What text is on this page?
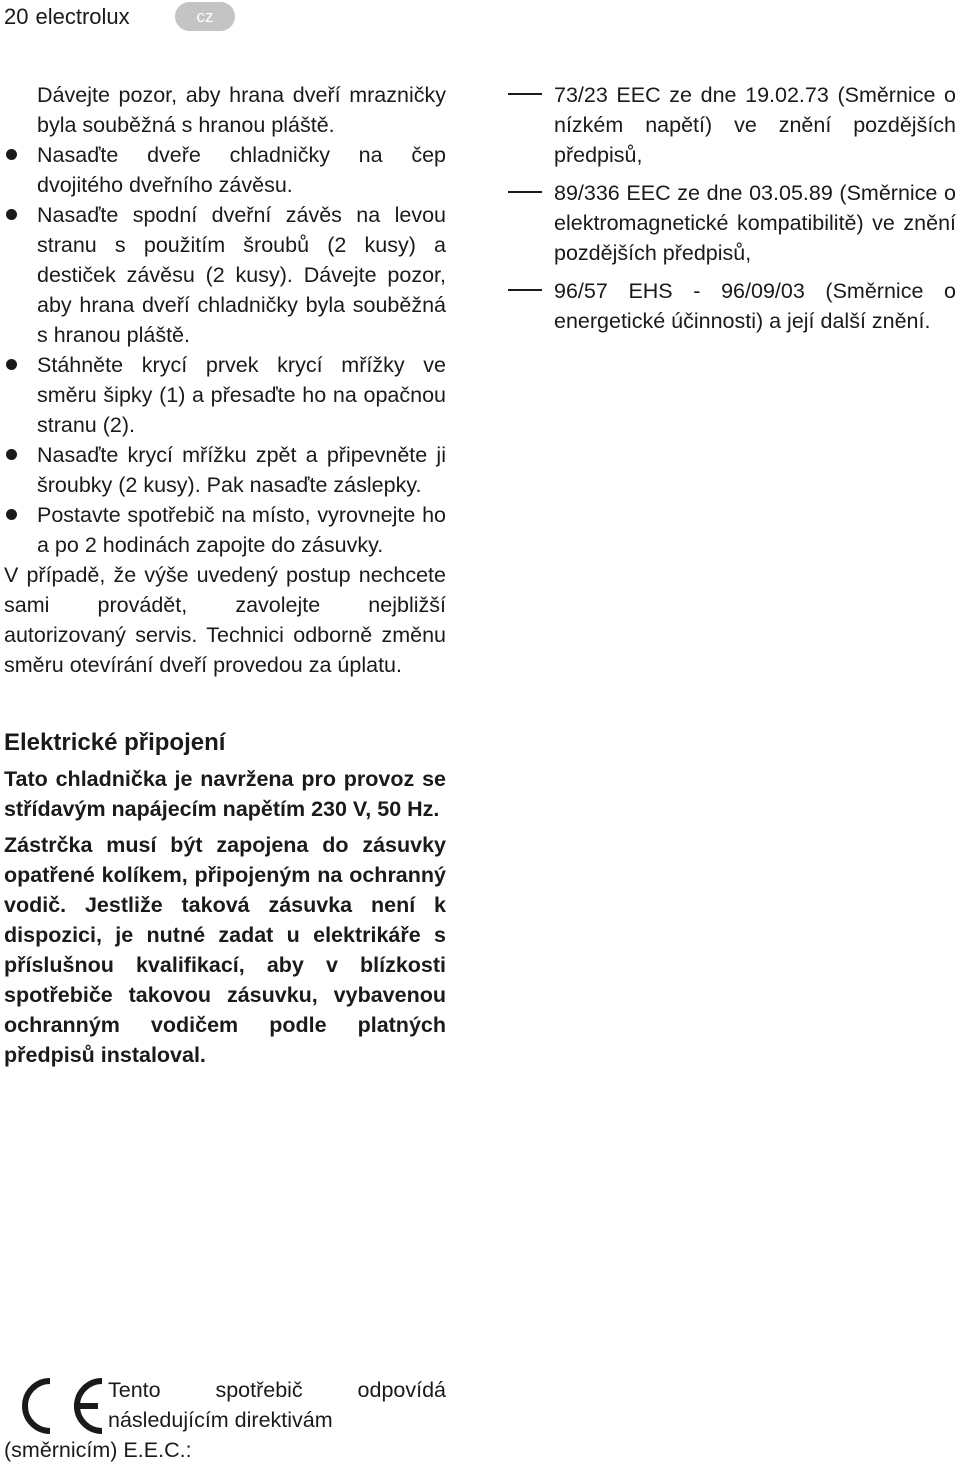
20 electrolux	cz
Dávejte pozor, aby hrana dveří mrazničky byla souběžná s hranou pláště.
Nasaďte dveře chladničky na čep dvojitého dveřního závěsu.
Nasaďte spodní dveřní závěs na levou stranu s použitím šroubů (2 kusy) a destiček závěsu (2 kusy). Dávejte pozor, aby hrana dveří chladničky byla souběžná s hranou pláště.
Stáhněte krycí prvek krycí mřížky ve směru šipky (1) a přesaďte ho na opačnou stranu (2).
Nasaďte krycí mřížku zpět a připevněte ji šroubky (2 kusy). Pak nasaďte záslepky.
Postavte spotřebič na místo, vyrovnejte ho a po 2 hodinách zapojte do zásuvky.
V případě, že výše uvedený postup nechcete sami provádět, zavolejte nejbližší autorizovaný servis. Technici odborně změnu směru otevírání dveří provedou za úplatu.
Elektrické připojení
Tato chladnička je navržena pro provoz se střídavým napájecím napětím 230 V, 50 Hz.
Zástrčka musí být zapojena do zásuvky opatřené kolíkem, připojeným na ochranný vodič. Jestliže taková zásuvka není k dispozici, je nutné zadat u elektrikáře s příslušnou kvalifikací, aby v blízkosti spotřebiče takovou zásuvku, vybavenou ochranným vodičem podle platných předpisů instaloval.
Tento spotřebič odpovídá následujícím direktivám
(směrnicím) E.E.C.:
73/23 EEC ze dne 19.02.73 (Směrnice o nízkém napětí) ve znění pozdějších předpisů,
89/336 EEC ze dne 03.05.89 (Směrnice o elektromagnetické kompatibilitě) ve znění pozdějších předpisů,
96/57 EHS - 96/09/03 (Směrnice o energetické účinnosti) a její další znění.
